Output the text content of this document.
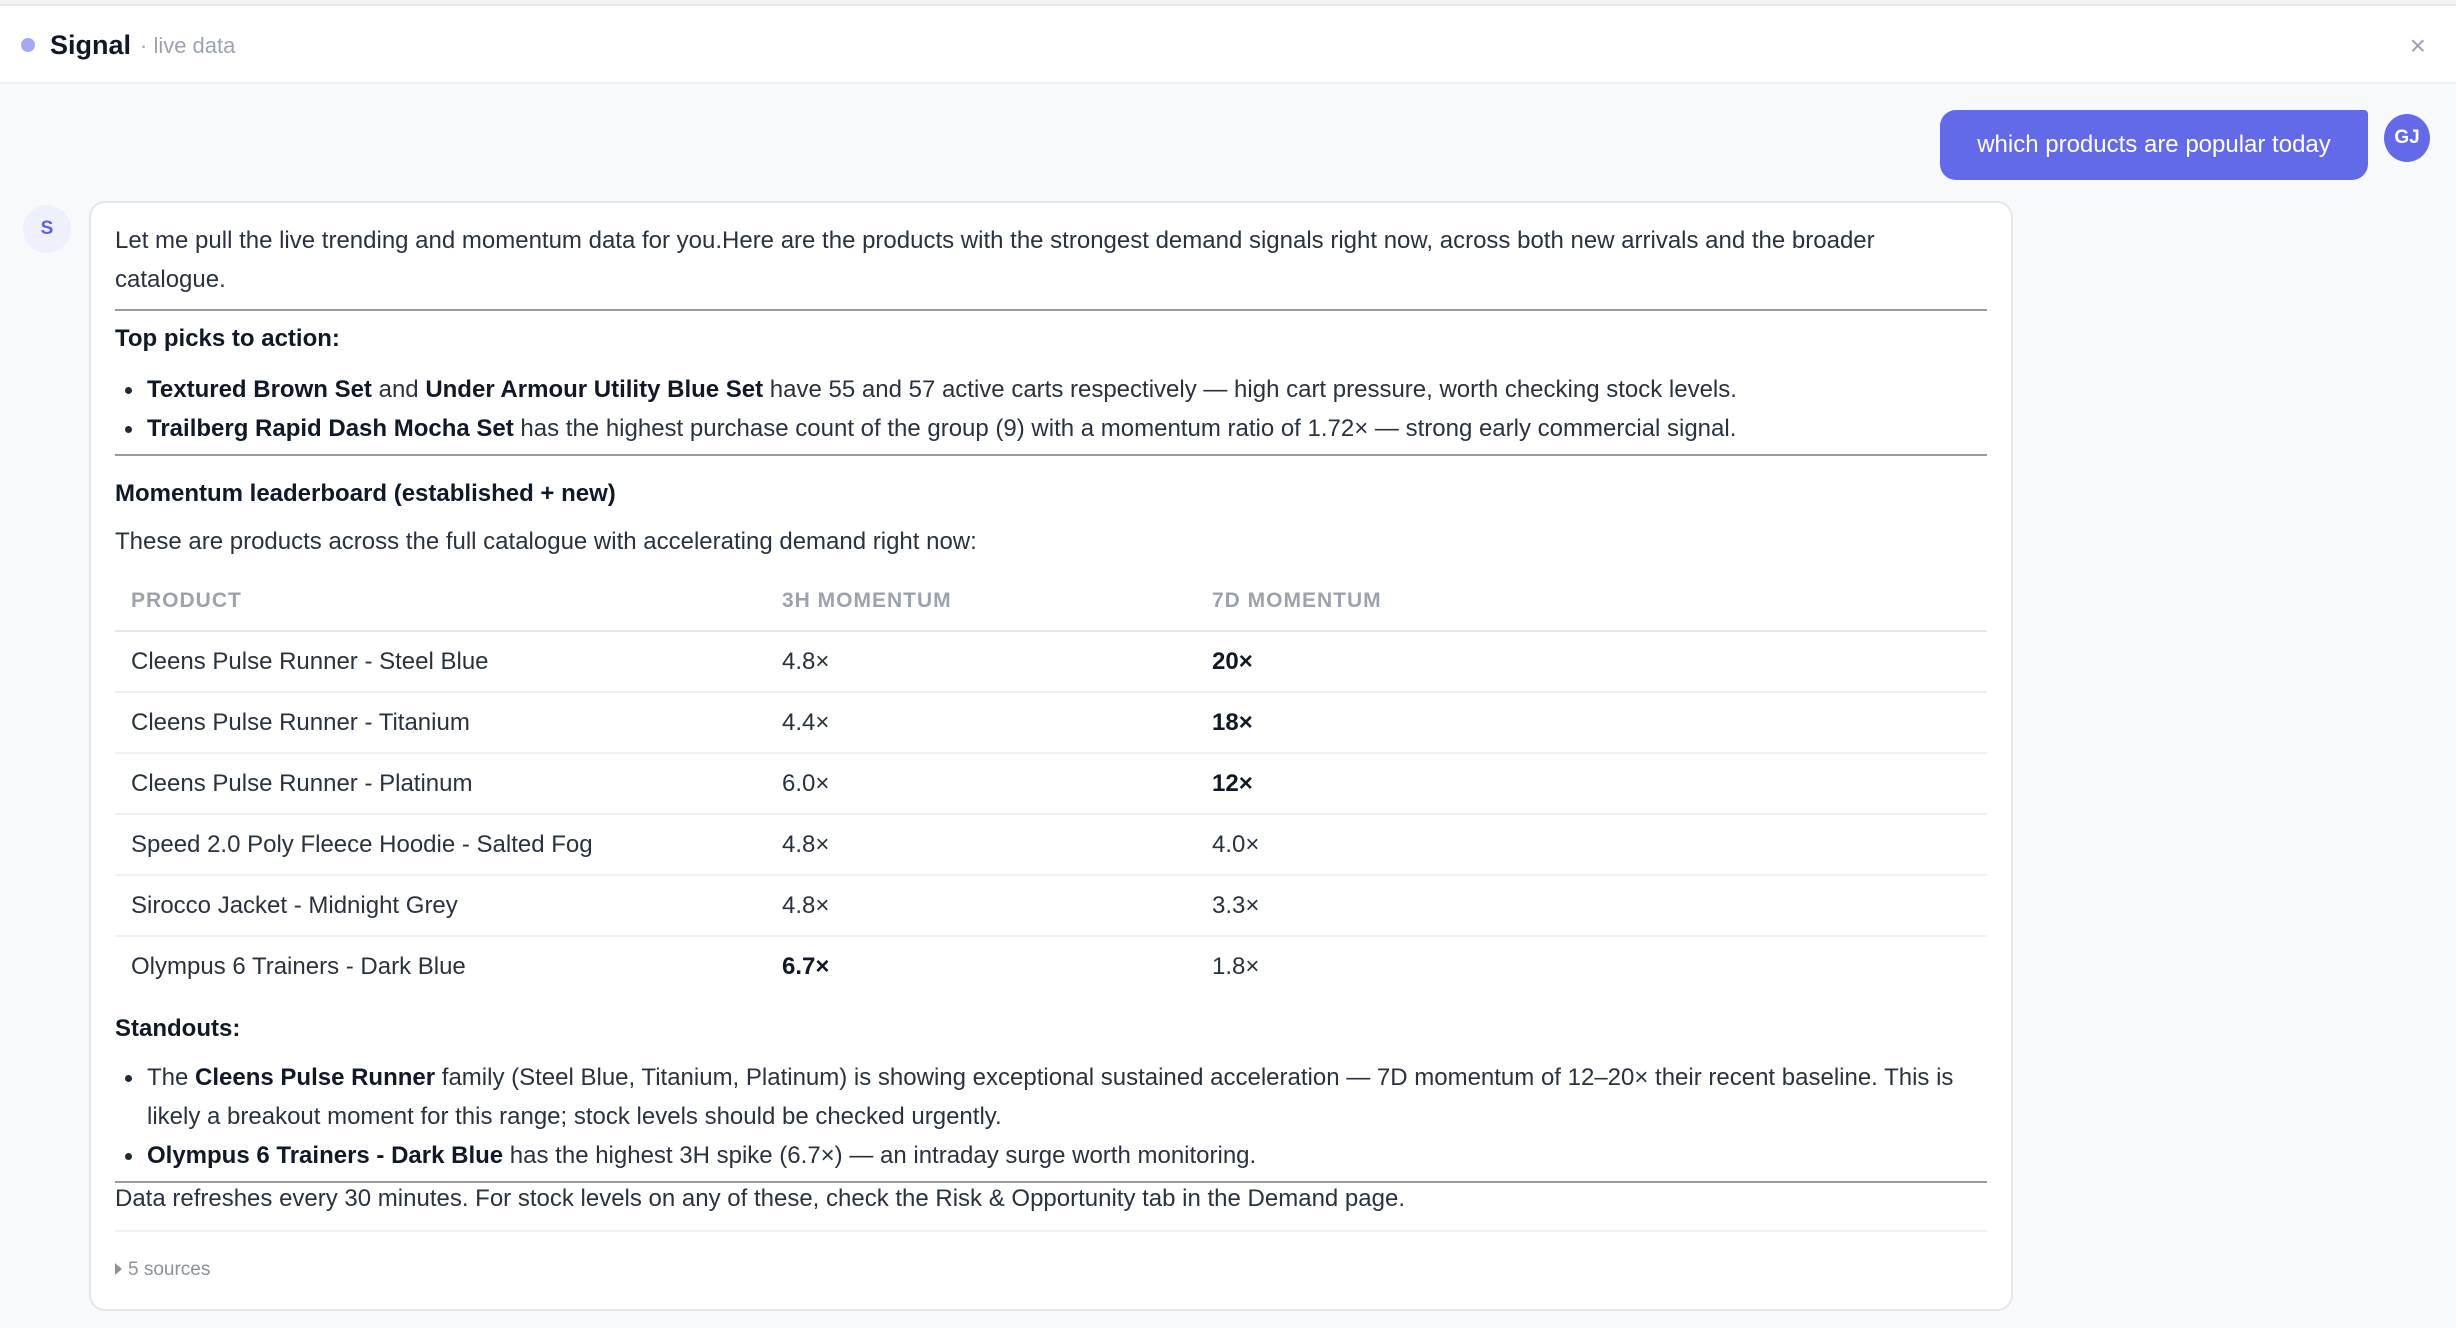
Signal · live data	×
which products are popular today	GJ
S	Let me pull the live trending and momentum data for you.Here are the products with the strongest demand signals right now, across both new arrivals and the broader catalogue.

Top picks to action:

Textured Brown Set and Under Armour Utility Blue Set have 55 and 57 active carts respectively — high cart pressure, worth checking stock levels.
Trailberg Rapid Dash Mocha Set has the highest purchase count of the group (9) with a momentum ratio of 1.72× — strong early commercial signal.

Momentum leaderboard (established + new)

These are products across the full catalogue with accelerating demand right now:

PRODUCT	3H MOMENTUM	7D MOMENTUM
Cleens Pulse Runner - Steel Blue	4.8×	20×
Cleens Pulse Runner - Titanium	4.4×	18×
Cleens Pulse Runner - Platinum	6.0×	12×
Speed 2.0 Poly Fleece Hoodie - Salted Fog	4.8×	4.0×
Sirocco Jacket - Midnight Grey	4.8×	3.3×
Olympus 6 Trainers - Dark Blue	6.7×	1.8×

Standouts:

The Cleens Pulse Runner family (Steel Blue, Titanium, Platinum) is showing exceptional sustained acceleration — 7D momentum of 12–20× their recent baseline. This is likely a breakout moment for this range; stock levels should be checked urgently.
Olympus 6 Trainers - Dark Blue has the highest 3H spike (6.7×) — an intraday surge worth monitoring.

Data refreshes every 30 minutes. For stock levels on any of these, check the Risk & Opportunity tab in the Demand page.

5 sources
